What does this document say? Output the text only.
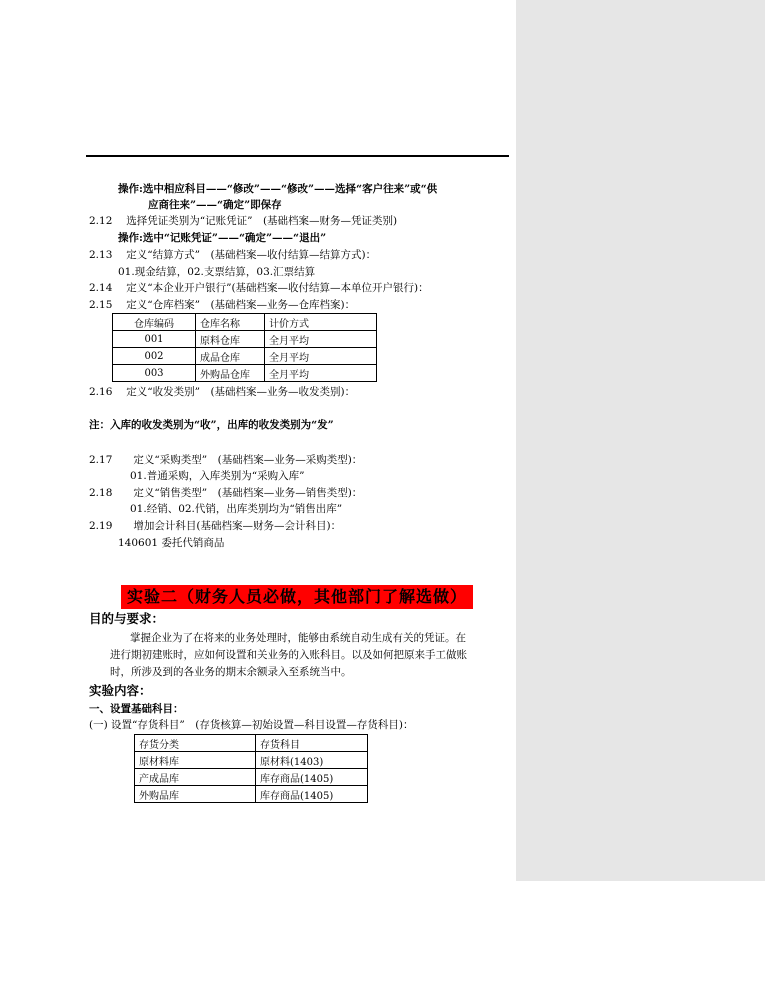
操作:选中相应科目——“修改”——“修改”——选择“客户往来”或“供
应商往来”——“确定”即保存
2.12　 选择凭证类别为“记账凭证”　(基础档案—财务—凭证类别)
操作:选中“记账凭证”——“确定”——“退出”
2.13　 定义“结算方式”　(基础档案—收付结算—结算方式)：
01.现金结算，02.支票结算，03.汇票结算
2.14　 定义“本企业开户银行”(基础档案—收付结算—本单位开户银行)：
2.15　 定义“仓库档案”　(基础档案—业务—仓库档案)：
仓库编码	仓库名称	计价方式
001	原料仓库	全月平均
002	成品仓库	全月平均
003	外购品仓库	全月平均
2.16　 定义“收发类别”　(基础档案—业务—收发类别)：
注：入库的收发类别为“收”，出库的收发类别为“发”
2.17　　定义“采购类型”　(基础档案—业务—采购类型)：
01.普通采购，入库类别为“采购入库”
2.18　　定义“销售类型”　(基础档案—业务—销售类型)：
01.经销、02.代销，出库类别均为“销售出库”
2.19　　增加会计科目(基础档案—财务—会计科目)：
140601 委托代销商品
实验二（财务人员必做，其他部门了解选做）
目的与要求：
掌握企业为了在将来的业务处理时，能够由系统自动生成有关的凭证。在
进行期初建账时，应如何设置和关业务的入账科目。以及如何把原来手工做账
时，所涉及到的各业务的期末余额录入至系统当中。
实验内容：
一、设置基础科目：
(一) 设置“存货科目”　(存货核算—初始设置—科目设置—存货科目)：
存货分类	存货科目
原材料库	原材料(1403)
产成品库	库存商品(1405)
外购品库	库存商品(1405)
